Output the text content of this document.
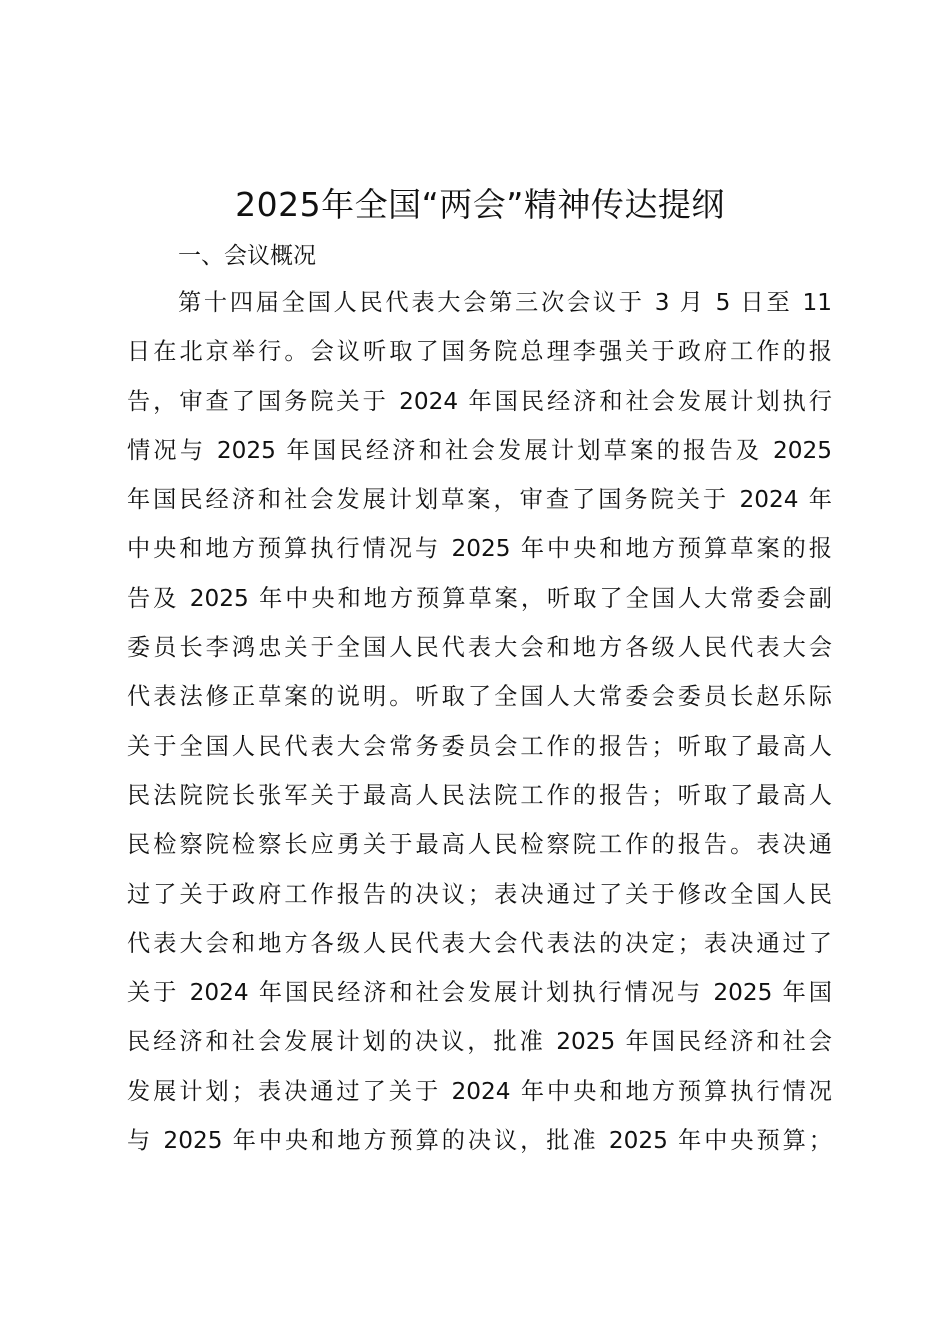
2025年全国“两会”精神传达提纲
一、会议概况
第十四届全国人民代表大会第三次会议于 3 月 5 日至 11
日在北京举行。会议听取了国务院总理李强关于政府工作的报
告，审查了国务院关于 2024 年国民经济和社会发展计划执行
情况与 2025 年国民经济和社会发展计划草案的报告及 2025
年国民经济和社会发展计划草案，审查了国务院关于 2024 年
中央和地方预算执行情况与 2025 年中央和地方预算草案的报
告及 2025 年中央和地方预算草案，听取了全国人大常委会副
委员长李鸿忠关于全国人民代表大会和地方各级人民代表大会
代表法修正草案的说明。听取了全国人大常委会委员长赵乐际
关于全国人民代表大会常务委员会工作的报告；听取了最高人
民法院院长张军关于最高人民法院工作的报告；听取了最高人
民检察院检察长应勇关于最高人民检察院工作的报告。表决通
过了关于政府工作报告的决议；表决通过了关于修改全国人民
代表大会和地方各级人民代表大会代表法的决定；表决通过了
关于 2024 年国民经济和社会发展计划执行情况与 2025 年国
民经济和社会发展计划的决议，批准 2025 年国民经济和社会
发展计划；表决通过了关于 2024 年中央和地方预算执行情况
与 2025 年中央和地方预算的决议，批准 2025 年中央预算；
